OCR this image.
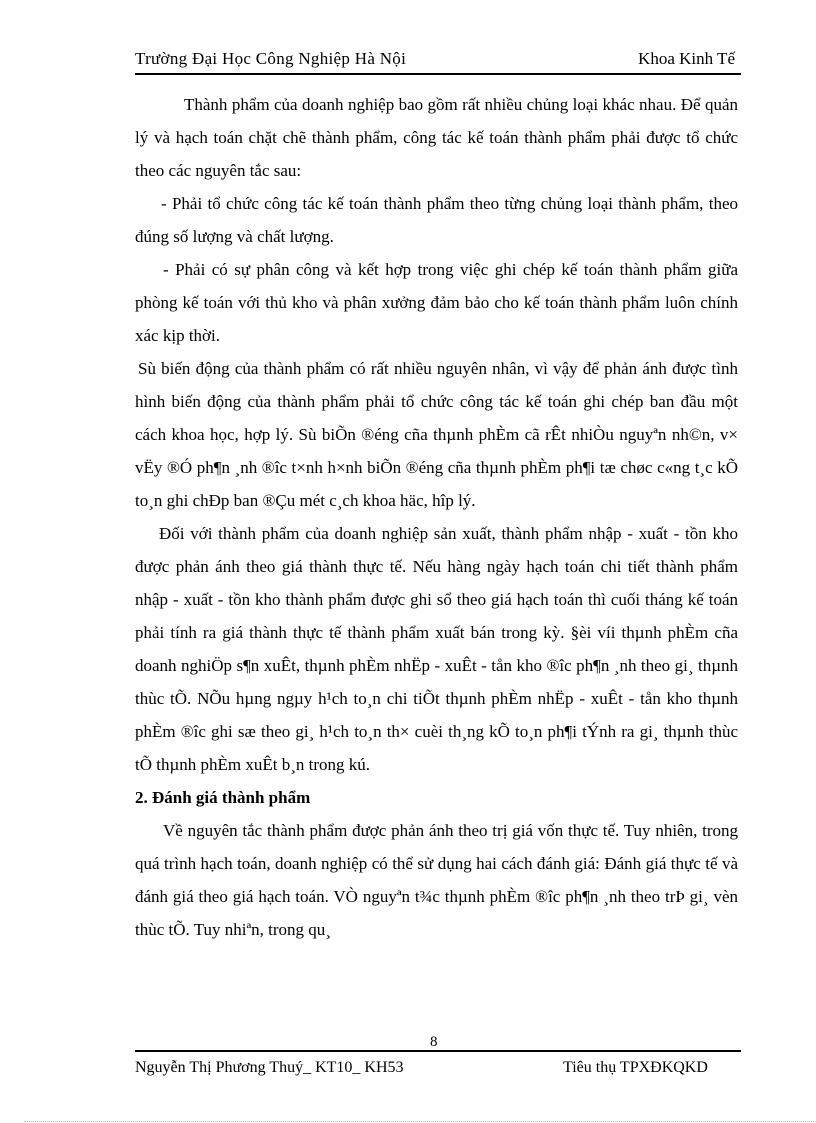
Trường Đại Học Công Nghiệp Hà Nội	Khoa Kinh Tế

Thành phẩm của doanh nghiệp bao gồm rất nhiều chủng loại khác nhau. Để quản lý và hạch toán chặt chẽ thành phẩm, công tác kế toán thành phẩm phải được tổ chức theo các nguyên tắc sau:

- Phải tổ chức công tác kế toán thành phẩm theo từng chủng loại thành phẩm, theo đúng số lượng và chất lượng.

- Phải có sự phân công và kết hợp trong việc ghi chép kế toán thành phẩm giữa phòng kế toán với thủ kho và phân xưởng đảm bảo cho kế toán thành phẩm luôn chính xác kịp thời.

Sù biến động của thành phẩm có rất nhiều nguyên nhân, vì vậy để phản ánh được tình hình biến động của thành phẩm phải tổ chức công tác kế toán ghi chép ban đầu một cách khoa học, hợp lý. Sù biÕn ®éng cña thµnh phÈm cã rÊt nhiÒu nguyªn nh©n, v× vËy ®Ó ph¶n ¸nh ®îc t×nh h×nh biÕn ®éng cña thµnh phÈm ph¶i tæ chøc c«ng t¸c kÕ to¸n ghi chÐp ban ®Çu mét c¸ch khoa häc, hîp lý.

Đối với thành phẩm của doanh nghiệp sản xuất, thành phẩm nhập - xuất - tồn kho được phản ánh theo giá thành thực tế. Nếu hàng ngày hạch toán chi tiết thành phẩm nhập - xuất - tồn kho thành phẩm được ghi sổ theo giá hạch toán thì cuối tháng kế toán phải tính ra giá thành thực tế thành phẩm xuất bán trong kỳ. §èi víi thµnh phÈm cña doanh nghiÖp s¶n xuÊt, thµnh phÈm nhËp - xuÊt - tån kho ®îc ph¶n ¸nh theo gi¸ thµnh thùc tÕ. NÕu hµng ngµy h¹ch to¸n chi tiÕt thµnh phÈm nhËp - xuÊt - tån kho thµnh phÈm ®îc ghi sæ theo gi¸ h¹ch to¸n th× cuèi th¸ng kÕ to¸n ph¶i tÝnh ra gi¸ thµnh thùc tÕ thµnh phÈm xuÊt b¸n trong kú.

2. Đánh giá thành phẩm

Về nguyên tắc thành phẩm được phản ánh theo trị giá vốn thực tế. Tuy nhiên, trong quá trình hạch toán, doanh nghiệp có thể sử dụng hai cách đánh giá: Đánh giá thực tế và đánh giá theo giá hạch toán. VÒ nguyªn t¾c thµnh phÈm ®îc ph¶n ¸nh theo trÞ gi¸ vèn thùc tÕ. Tuy nhiªn, trong qu¸

8
Nguyễn Thị Phương Thuý_ KT10_ KH53	Tiêu thụ TPXĐKQKD
